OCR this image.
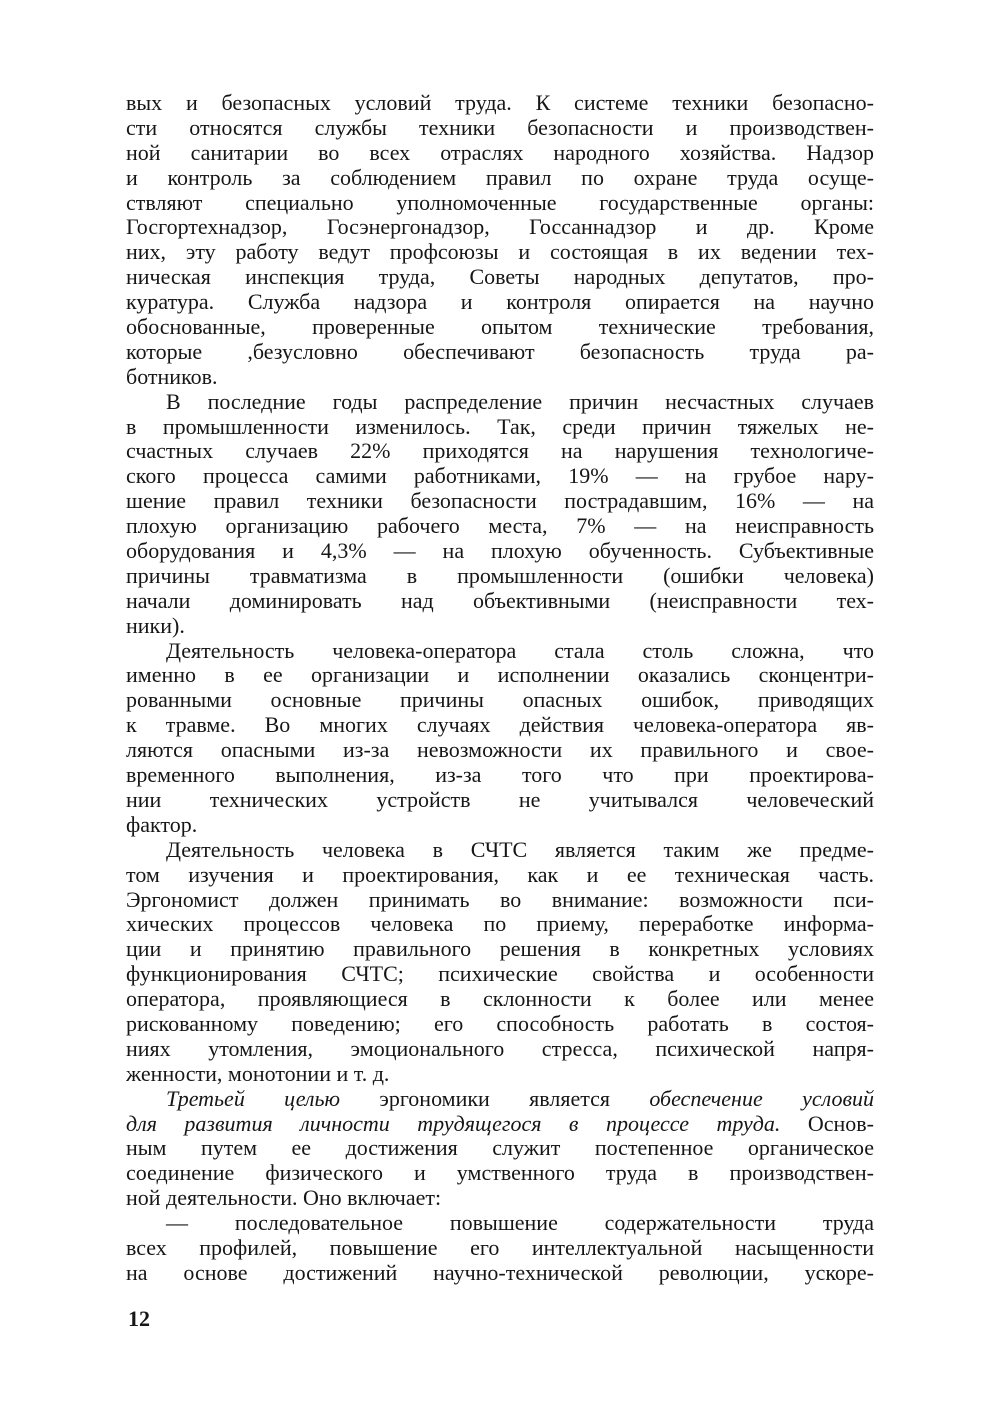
вых и безопасных условий труда. К системе техники безопасно-
сти относятся службы техники безопасности и производствен-
ной санитарии во всех отраслях народного хозяйства. Надзор
и контроль за соблюдением правил по охране труда осуще-
ствляют специально уполномоченные государственные органы:
Госгортехнадзор, Госэнергонадзор, Госсаннадзор и др. Кроме
них, эту работу ведут профсоюзы и состоящая в их ведении тех-
ническая инспекция труда, Советы народных депутатов, про-
куратура. Служба надзора и контроля опирается на научно
обоснованные, проверенные опытом технические требования,
которые ,безусловно обеспечивают безопасность труда ра-
ботников.
В последние годы распределение причин несчастных случаев
в промышленности изменилось. Так, среди причин тяжелых не-
счастных случаев 22% приходятся на нарушения технологиче-
ского процесса самими работниками, 19% — на грубое нару-
шение правил техники безопасности пострадавшим, 16% — на
плохую организацию рабочего места, 7% — на неисправность
оборудования и 4,3% — на плохую обученность. Субъективные
причины травматизма в промышленности (ошибки человека)
начали доминировать над объективными (неисправности тех-
ники).
Деятельность человека-оператора стала столь сложна, что
именно в ее организации и исполнении оказались сконцентри-
рованными основные причины опасных ошибок, приводящих
к травме. Во многих случаях действия человека-оператора яв-
ляются опасными из-за невозможности их правильного и свое-
временного выполнения, из-за того что при проектирова-
нии технических устройств не учитывался человеческий
фактор.
Деятельность человека в СЧТС является таким же предме-
том изучения и проектирования, как и ее техническая часть.
Эргономист должен принимать во внимание: возможности пси-
хических процессов человека по приему, переработке информа-
ции и принятию правильного решения в конкретных условиях
функционирования СЧТС; психические свойства и особенности
оператора, проявляющиеся в склонности к более или менее
рискованному поведению; его способность работать в состоя-
ниях утомления, эмоционального стресса, психической напря-
женности, монотонии и т. д.
Третьей целью эргономики является обеспечение условий
для развития личности трудящегося в процессе труда. Основ-
ным путем ее достижения служит постепенное органическое
соединение физического и умственного труда в производствен-
ной деятельности. Оно включает:
— последовательное повышение содержательности труда
всех профилей, повышение его интеллектуальной насыщенности
на основе достижений научно-технической революции, ускоре-
12
